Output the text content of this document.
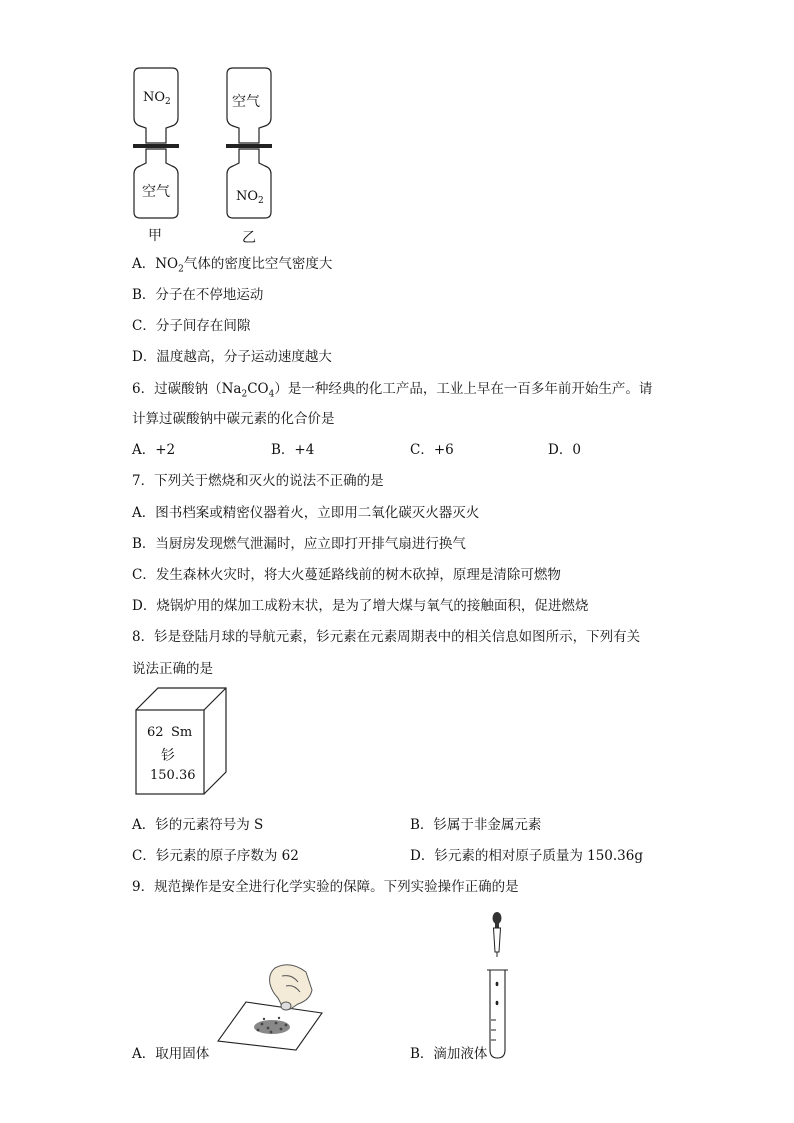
$NO_2$
空气
空气
$NO_2$
甲	乙
A．$NO_2$气体的密度比空气密度大
B．分子在不停地运动
C．分子间存在间隙
D．温度越高，分子运动速度越大
6．过碳酸钠$(Na_2CO_4)$是一种经典的化工产品，工业上早在一百多年前开始生产。请
计算过碳酸钠中碳元素的化合价是
A．+2	B．+4	C．+6	D．0
7．下列关于燃烧和灭火的说法不正确的是
A．图书档案或精密仪器着火，立即用二氧化碳灭火器灭火
B．当厨房发现燃气泄漏时，应立即打开排气扇进行换气
C．发生森林火灾时，将大火蔓延路线前的树木砍掉，原理是清除可燃物
D．烧锅炉用的煤加工成粉末状，是为了增大煤与氧气的接触面积，促进燃烧
8．钐是登陆月球的导航元素，钐元素在元素周期表中的相关信息如图所示，下列有关
说法正确的是
62 Sm
钐
150.36
A．钐的元素符号为 S	B．钐属于非金属元素
C．钐元素的原子序数为 62	D．钐元素的相对原子质量为 150.36g
9．规范操作是安全进行化学实验的保障。下列实验操作正确的是
A．取用固体	B．滴加液体
